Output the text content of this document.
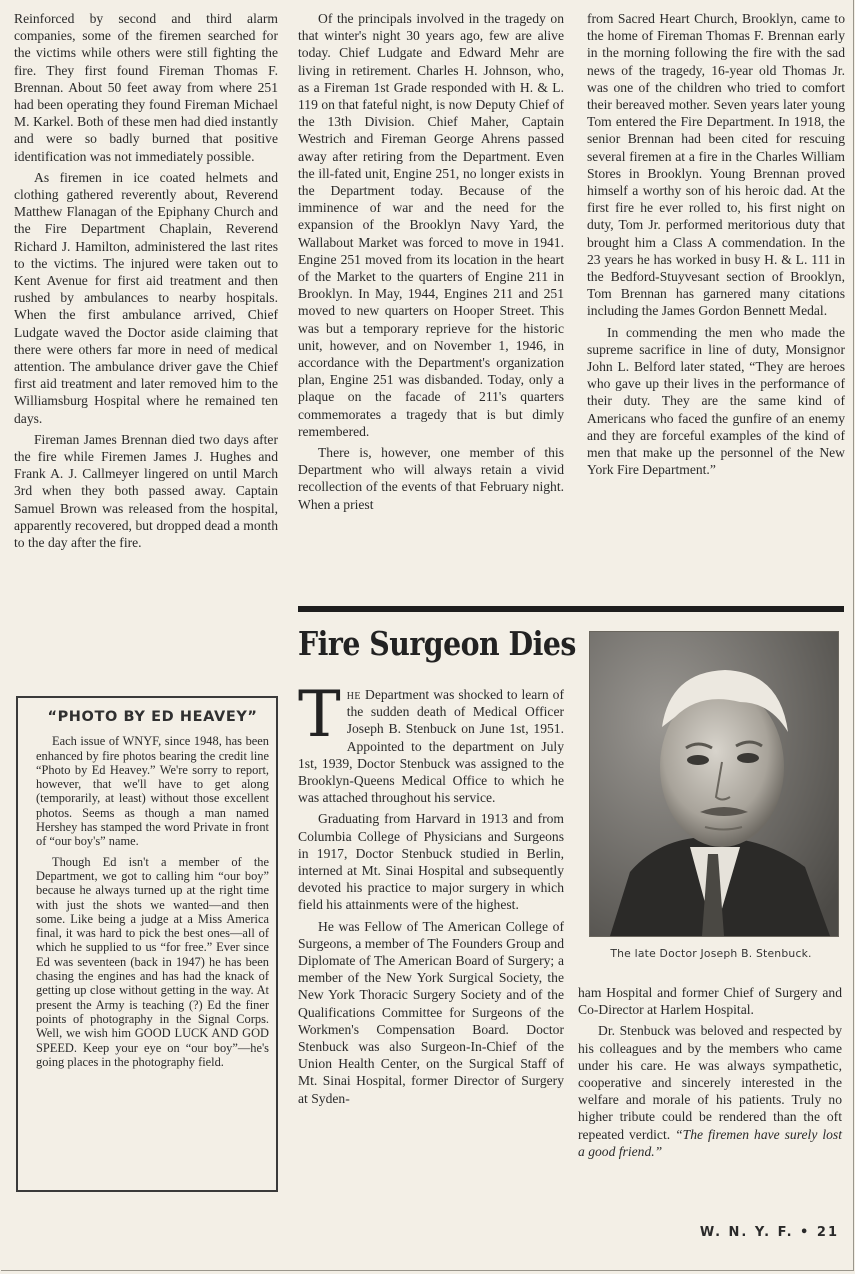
Reinforced by second and third alarm companies, some of the firemen searched for the victims while others were still fighting the fire. They first found Fireman Thomas F. Brennan. About 50 feet away from where 251 had been operating they found Fireman Michael M. Karkel. Both of these men had died instantly and were so badly burned that positive identification was not immediately possible.

As firemen in ice coated helmets and clothing gathered reverently about, Reverend Matthew Flanagan of the Epiphany Church and the Fire Department Chaplain, Reverend Richard J. Hamilton, administered the last rites to the victims. The injured were taken out to Kent Avenue for first aid treatment and then rushed by ambulances to nearby hospitals. When the first ambulance arrived, Chief Ludgate waved the Doctor aside claiming that there were others far more in need of medical attention. The ambulance driver gave the Chief first aid treatment and later removed him to the Williamsburg Hospital where he remained ten days.

Fireman James Brennan died two days after the fire while Firemen James J. Hughes and Frank A. J. Callmeyer lingered on until March 3rd when they both passed away. Captain Samuel Brown was released from the hospital, apparently recovered, but dropped dead a month to the day after the fire.

Of the principals involved in the tragedy on that winter's night 30 years ago, few are alive today. Chief Ludgate and Edward Mehr are living in retirement. Charles H. Johnson, who, as a Fireman 1st Grade responded with H. & L. 119 on that fateful night, is now Deputy Chief of the 13th Division. Chief Maher, Captain Westrich and Fireman George Ahrens passed away after retiring from the Department. Even the ill-fated unit, Engine 251, no longer exists in the Department today. Because of the imminence of war and the need for the expansion of the Brooklyn Navy Yard, the Wallabout Market was forced to move in 1941. Engine 251 moved from its location in the heart of the Market to the quarters of Engine 211 in Brooklyn. In May, 1944, Engines 211 and 251 moved to new quarters on Hooper Street. This was but a temporary reprieve for the historic unit, however, and on November 1, 1946, in accordance with the Department's organization plan, Engine 251 was disbanded. Today, only a plaque on the facade of 211's quarters commemorates a tragedy that is but dimly remembered.

There is, however, one member of this Department who will always retain a vivid recollection of the events of that February night. When a priest

from Sacred Heart Church, Brooklyn, came to the home of Fireman Thomas F. Brennan early in the morning following the fire with the sad news of the tragedy, 16-year old Thomas Jr. was one of the children who tried to comfort their bereaved mother. Seven years later young Tom entered the Fire Department. In 1918, the senior Brennan had been cited for rescuing several firemen at a fire in the Charles William Stores in Brooklyn. Young Brennan proved himself a worthy son of his heroic dad. At the first fire he ever rolled to, his first night on duty, Tom Jr. performed meritorious duty that brought him a Class A commendation. In the 23 years he has worked in busy H. & L. 111 in the Bedford-Stuyvesant section of Brooklyn, Tom Brennan has garnered many citations including the James Gordon Bennett Medal.

In commending the men who made the supreme sacrifice in line of duty, Monsignor John L. Belford later stated, “They are heroes who gave up their lives in the performance of their duty. They are the same kind of Americans who faced the gunfire of an enemy and they are forceful examples of the kind of men that make up the personnel of the New York Fire Department.”

“PHOTO BY ED HEAVEY”

Each issue of WNYF, since 1948, has been enhanced by fire photos bearing the credit line “Photo by Ed Heavey.” We're sorry to report, however, that we'll have to get along (temporarily, at least) without those excellent photos. Seems as though a man named Hershey has stamped the word Private in front of “our boy's” name.

Though Ed isn't a member of the Department, we got to calling him “our boy” because he always turned up at the right time with just the shots we wanted—and then some. Like being a judge at a Miss America final, it was hard to pick the best ones—all of which he supplied to us “for free.” Ever since Ed was seventeen (back in 1947) he has been chasing the engines and has had the knack of getting up close without getting in the way. At present the Army is teaching (?) Ed the finer points of photography in the Signal Corps. Well, we wish him GOOD LUCK AND GOD SPEED. Keep your eye on “our boy”—he's going places in the photography field.

Fire Surgeon Dies

The Department was shocked to learn of the sudden death of Medical Officer Joseph B. Stenbuck on June 1st, 1951. Appointed to the department on July 1st, 1939, Doctor Stenbuck was assigned to the Brooklyn-Queens Medical Office to which he was attached throughout his service.

Graduating from Harvard in 1913 and from Columbia College of Physicians and Surgeons in 1917, Doctor Stenbuck studied in Berlin, interned at Mt. Sinai Hospital and subsequently devoted his practice to major surgery in which field his attainments were of the highest.

He was Fellow of The American College of Surgeons, a member of The Founders Group and Diplomate of The American Board of Surgery; a member of the New York Surgical Society, the New York Thoracic Surgery Society and of the Qualifications Committee for Surgeons of the Workmen's Compensation Board. Doctor Stenbuck was also Surgeon-In-Chief of the Union Health Center, on the Surgical Staff of Mt. Sinai Hospital, former Director of Surgery at Syden-

The late Doctor Joseph B. Stenbuck.

ham Hospital and former Chief of Surgery and Co-Director at Harlem Hospital.

Dr. Stenbuck was beloved and respected by his colleagues and by the members who came under his care. He was always sympathetic, cooperative and sincerely interested in the welfare and morale of his patients. Truly no higher tribute could be rendered than the oft repeated verdict. “The firemen have surely lost a good friend.”

W. N. Y. F. • 21
